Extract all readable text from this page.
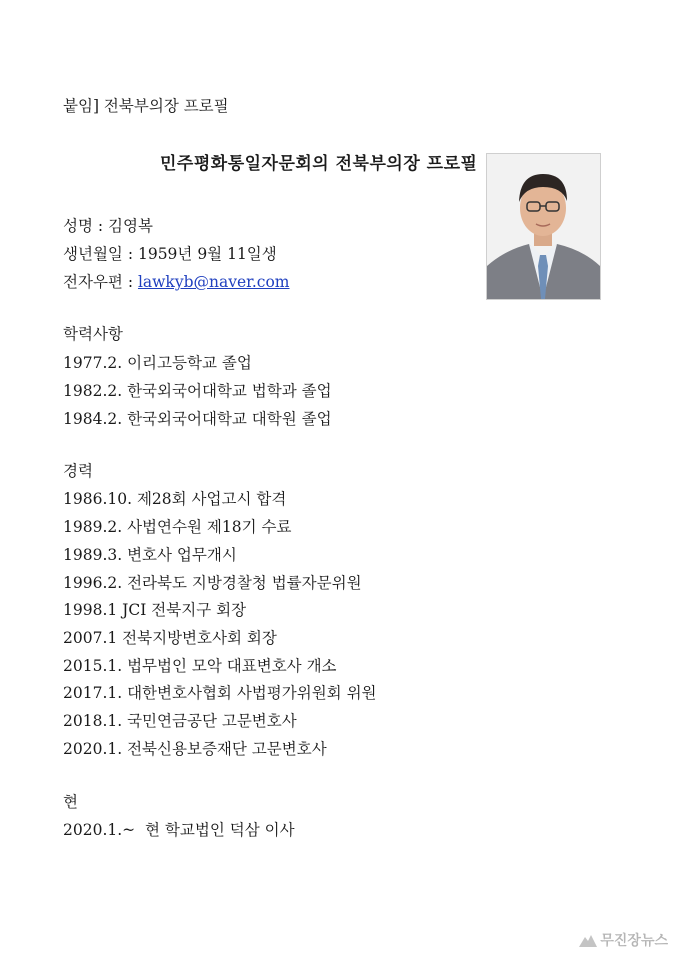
붙임] 전북부의장 프로필
민주평화통일자문회의 전북부의장 프로필
성명 : 김영복
생년월일 : 1959년 9월 11일생
전자우편 : lawkyb@naver.com
학력사항
1977.2. 이리고등학교 졸업
1982.2. 한국외국어대학교 법학과 졸업
1984.2. 한국외국어대학교 대학원 졸업
경력
1986.10. 제28회 사업고시 합격
1989.2. 사법연수원 제18기 수료
1989.3. 변호사 업무개시
1996.2. 전라북도 지방경찰청 법률자문위원
1998.1 JCI 전북지구 회장
2007.1 전북지방변호사회 회장
2015.1. 법무법인 모악 대표변호사 개소
2017.1. 대한변호사협회 사법평가위원회 위원
2018.1. 국민연금공단 고문변호사
2020.1. 전북신용보증재단 고문변호사
현
2020.1.~  현 학교법인 덕삼 이사
무진장뉴스
